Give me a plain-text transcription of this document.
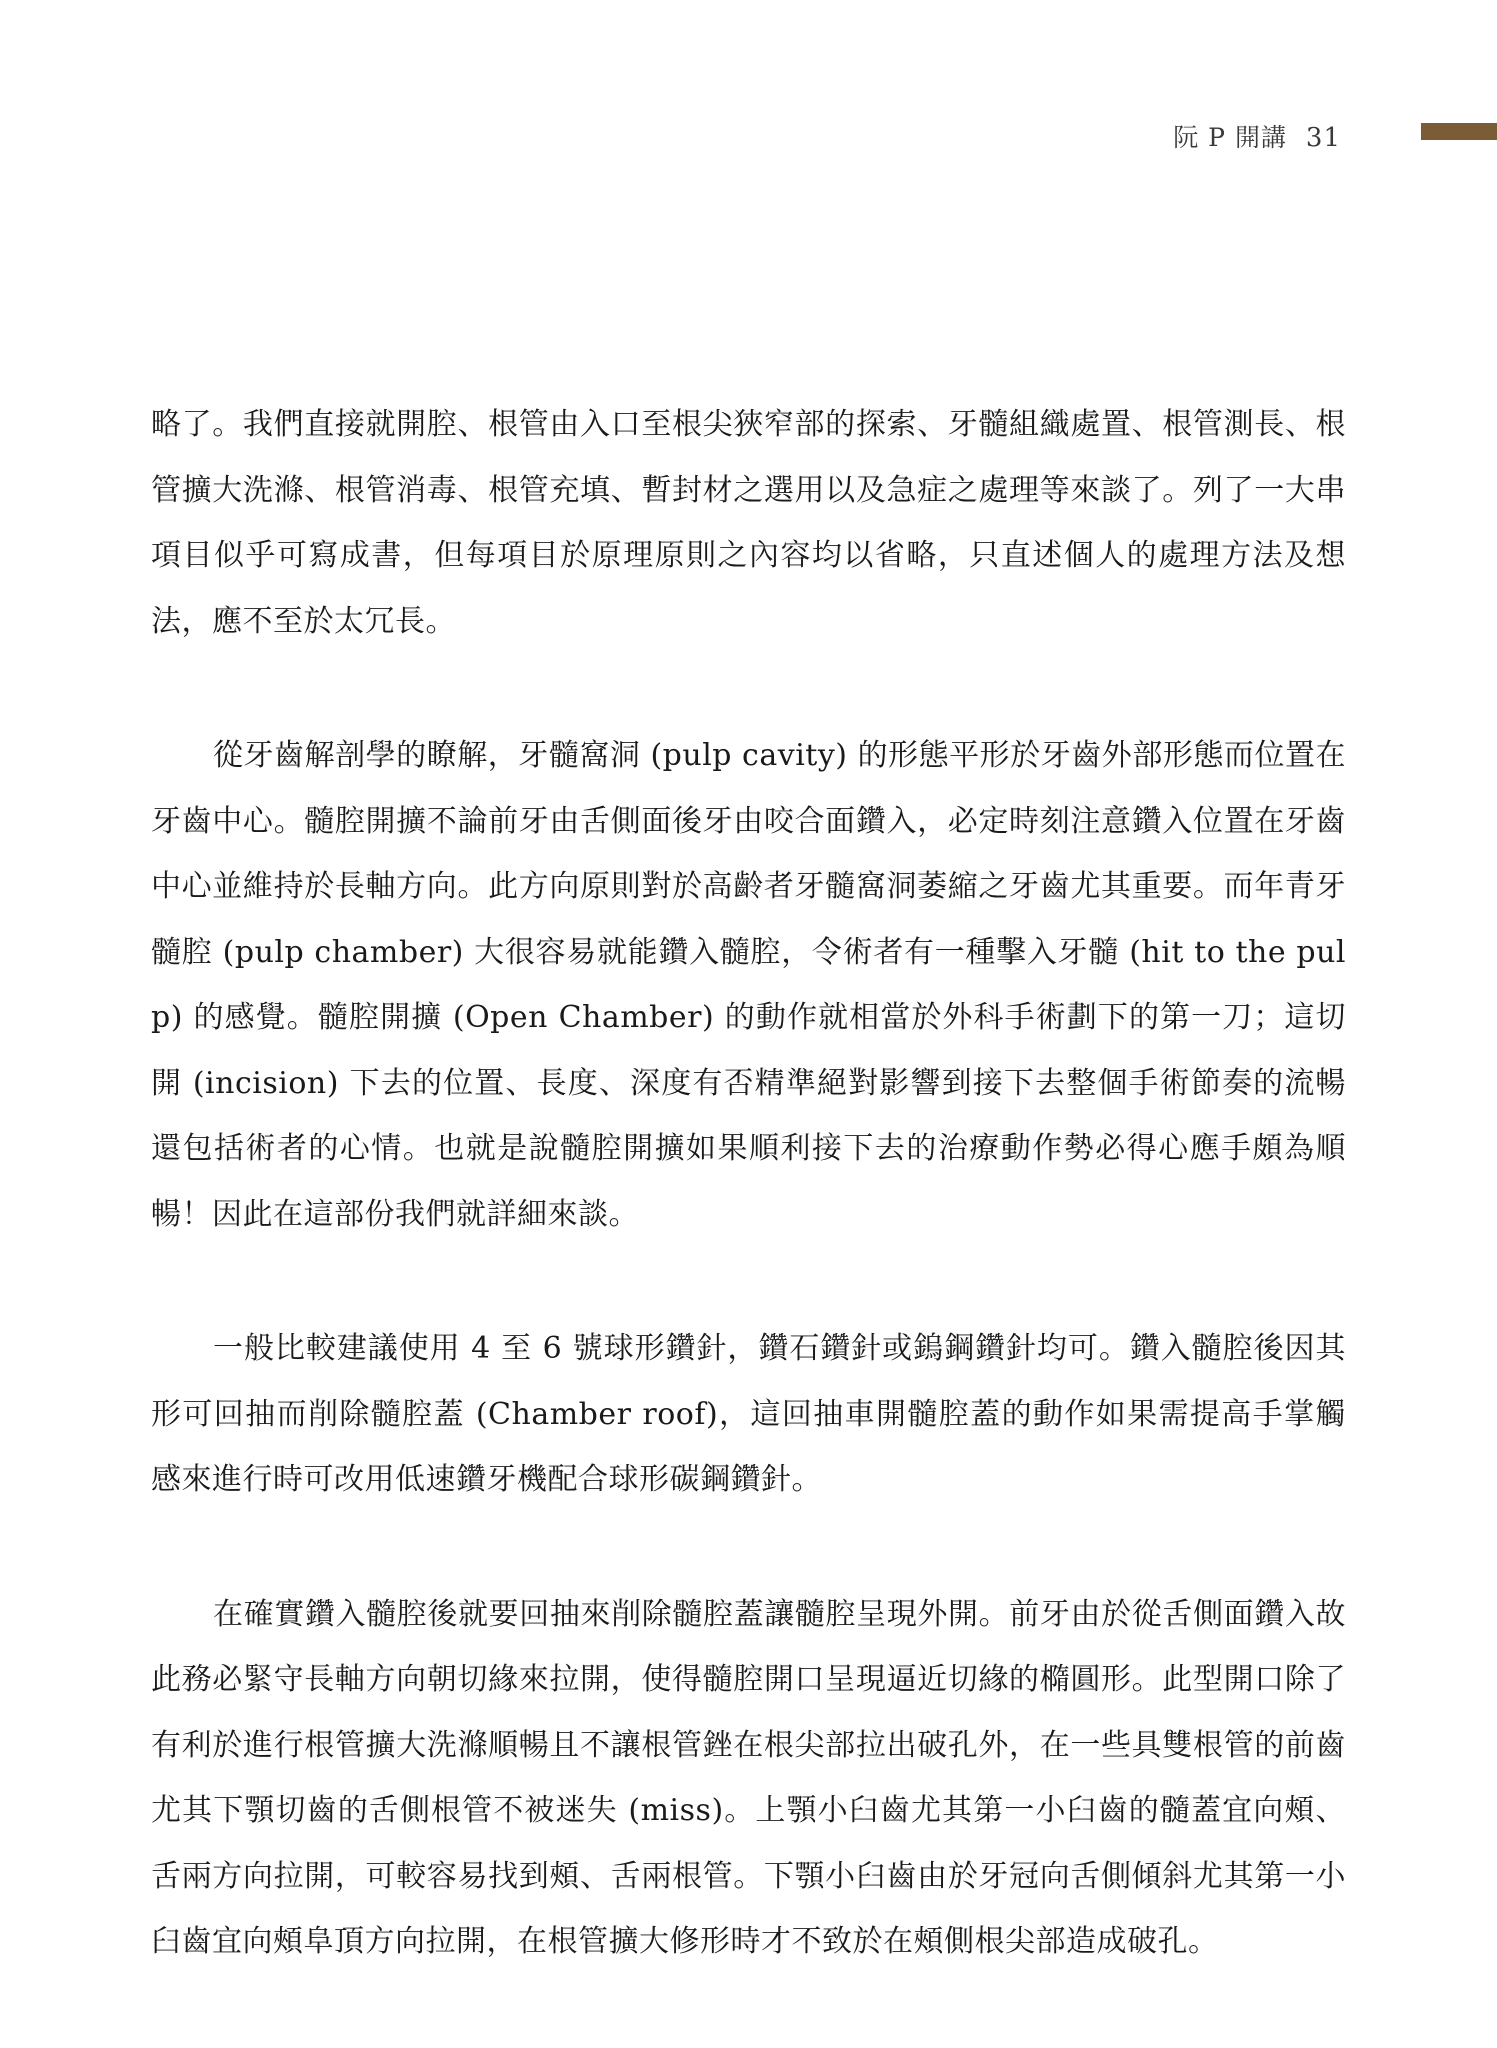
阮 P 開講 31

略了。我們直接就開腔、根管由入口至根尖狹窄部的探索、牙髓組織處置、根管測長、根管擴大洗滌、根管消毒、根管充填、暫封材之選用以及急症之處理等來談了。列了一大串項目似乎可寫成書，但每項目於原理原則之內容均以省略，只直述個人的處理方法及想法，應不至於太冗長。

從牙齒解剖學的瞭解，牙髓窩洞 (pulp cavity) 的形態平形於牙齒外部形態而位置在牙齒中心。髓腔開擴不論前牙由舌側面後牙由咬合面鑽入，必定時刻注意鑽入位置在牙齒中心並維持於長軸方向。此方向原則對於高齡者牙髓窩洞萎縮之牙齒尤其重要。而年青牙髓腔 (pulp chamber) 大很容易就能鑽入髓腔，令術者有一種擊入牙髓 (hit to the pulp) 的感覺。髓腔開擴 (Open Chamber) 的動作就相當於外科手術劃下的第一刀；這切開 (incision) 下去的位置、長度、深度有否精準絕對影響到接下去整個手術節奏的流暢還包括術者的心情。也就是說髓腔開擴如果順利接下去的治療動作勢必得心應手頗為順暢！因此在這部份我們就詳細來談。

一般比較建議使用 4 至 6 號球形鑽針，鑽石鑽針或鎢鋼鑽針均可。鑽入髓腔後因其形可回抽而削除髓腔蓋 (Chamber roof)，這回抽車開髓腔蓋的動作如果需提高手掌觸感來進行時可改用低速鑽牙機配合球形碳鋼鑽針。

在確實鑽入髓腔後就要回抽來削除髓腔蓋讓髓腔呈現外開。前牙由於從舌側面鑽入故此務必緊守長軸方向朝切緣來拉開，使得髓腔開口呈現逼近切緣的橢圓形。此型開口除了有利於進行根管擴大洗滌順暢且不讓根管銼在根尖部拉出破孔外，在一些具雙根管的前齒尤其下顎切齒的舌側根管不被迷失 (miss)。上顎小臼齒尤其第一小臼齒的髓蓋宜向頰、舌兩方向拉開，可較容易找到頰、舌兩根管。下顎小臼齒由於牙冠向舌側傾斜尤其第一小臼齒宜向頰阜頂方向拉開，在根管擴大修形時才不致於在頰側根尖部造成破孔。
